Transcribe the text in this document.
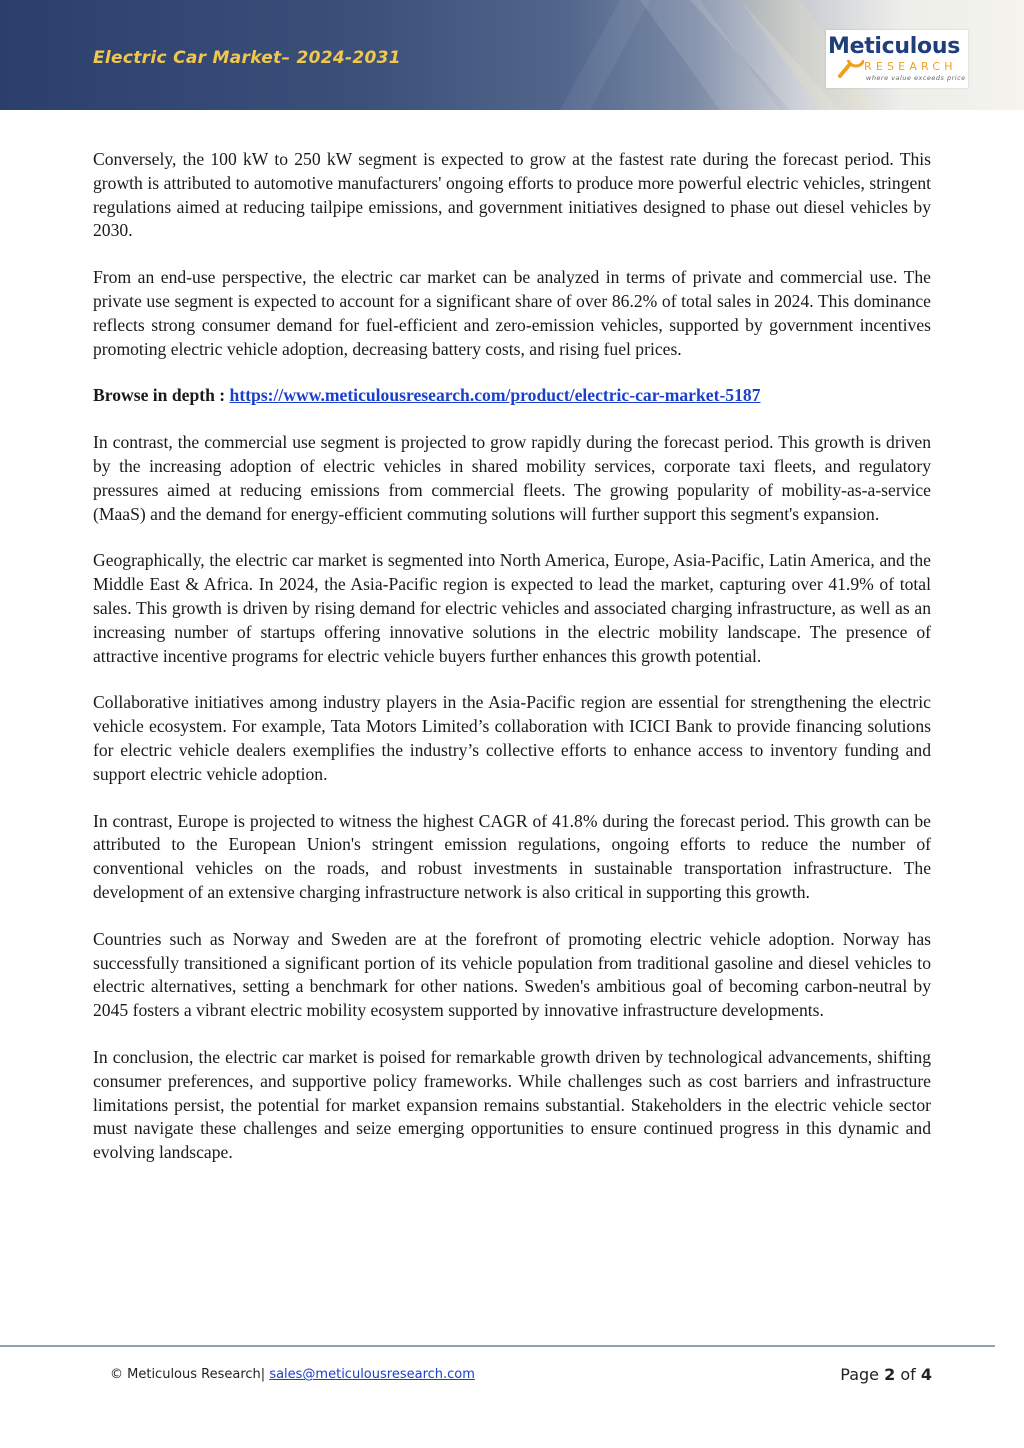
Electric Car Market– 2024-2031	Meticulous
RESEARCH
where value exceeds price

Conversely, the 100 kW to 250 kW segment is expected to grow at the fastest rate during the forecast period. This growth is attributed to automotive manufacturers' ongoing efforts to produce more powerful electric vehicles, stringent regulations aimed at reducing tailpipe emissions, and government initiatives designed to phase out diesel vehicles by 2030.

From an end-use perspective, the electric car market can be analyzed in terms of private and commercial use. The private use segment is expected to account for a significant share of over 86.2% of total sales in 2024. This dominance reflects strong consumer demand for fuel-efficient and zero-emission vehicles, supported by government incentives promoting electric vehicle adoption, decreasing battery costs, and rising fuel prices.

Browse in depth : https://www.meticulousresearch.com/product/electric-car-market-5187

In contrast, the commercial use segment is projected to grow rapidly during the forecast period. This growth is driven by the increasing adoption of electric vehicles in shared mobility services, corporate taxi fleets, and regulatory pressures aimed at reducing emissions from commercial fleets. The growing popularity of mobility-as-a-service (MaaS) and the demand for energy-efficient commuting solutions will further support this segment's expansion.

Geographically, the electric car market is segmented into North America, Europe, Asia-Pacific, Latin America, and the Middle East & Africa. In 2024, the Asia-Pacific region is expected to lead the market, capturing over 41.9% of total sales. This growth is driven by rising demand for electric vehicles and associated charging infrastructure, as well as an increasing number of startups offering innovative solutions in the electric mobility landscape. The presence of attractive incentive programs for electric vehicle buyers further enhances this growth potential.

Collaborative initiatives among industry players in the Asia-Pacific region are essential for strengthening the electric vehicle ecosystem. For example, Tata Motors Limited’s collaboration with ICICI Bank to provide financing solutions for electric vehicle dealers exemplifies the industry’s collective efforts to enhance access to inventory funding and support electric vehicle adoption.

In contrast, Europe is projected to witness the highest CAGR of 41.8% during the forecast period. This growth can be attributed to the European Union's stringent emission regulations, ongoing efforts to reduce the number of conventional vehicles on the roads, and robust investments in sustainable transportation infrastructure. The development of an extensive charging infrastructure network is also critical in supporting this growth.

Countries such as Norway and Sweden are at the forefront of promoting electric vehicle adoption. Norway has successfully transitioned a significant portion of its vehicle population from traditional gasoline and diesel vehicles to electric alternatives, setting a benchmark for other nations. Sweden's ambitious goal of becoming carbon-neutral by 2045 fosters a vibrant electric mobility ecosystem supported by innovative infrastructure developments.

In conclusion, the electric car market is poised for remarkable growth driven by technological advancements, shifting consumer preferences, and supportive policy frameworks. While challenges such as cost barriers and infrastructure limitations persist, the potential for market expansion remains substantial. Stakeholders in the electric vehicle sector must navigate these challenges and seize emerging opportunities to ensure continued progress in this dynamic and evolving landscape.

© Meticulous Research| sales@meticulousresearch.com	Page 2 of 4
